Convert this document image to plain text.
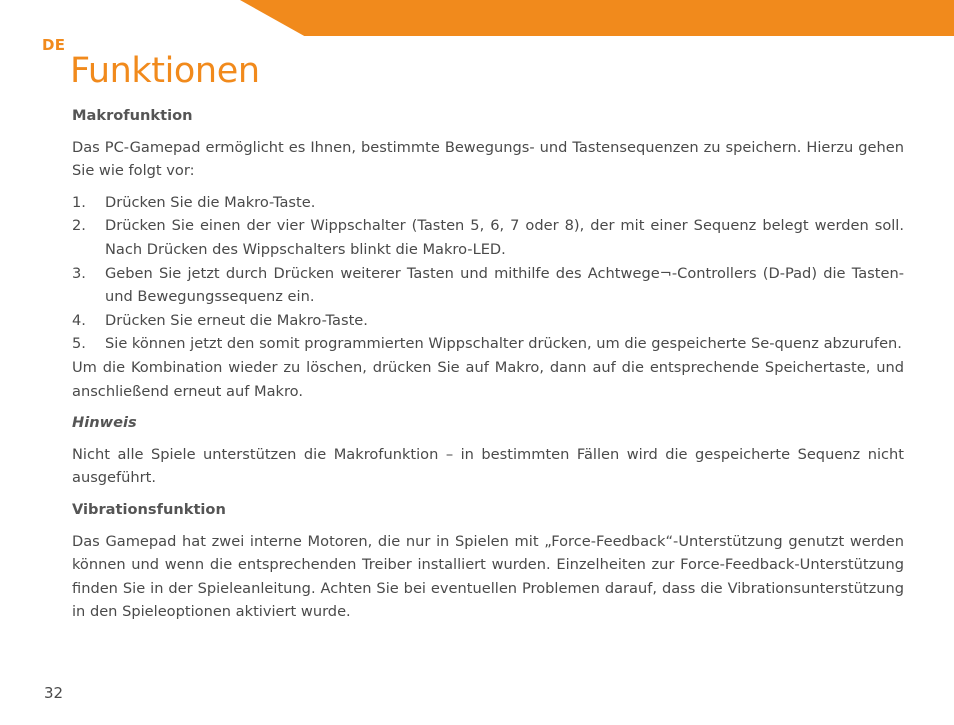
DE
Funktionen

Makrofunktion

Das PC-Gamepad ermöglicht es Ihnen, bestimmte Bewegungs- und Tastensequenzen zu speichern. Hierzu gehen Sie wie folgt vor:

1.	Drücken Sie die Makro-Taste.
2.	Drücken Sie einen der vier Wippschalter (Tasten 5, 6, 7 oder 8), der mit einer Sequenz belegt werden soll. Nach Drücken des Wippschalters blinkt die Makro-LED.
3.	Geben Sie jetzt durch Drücken weiterer Tasten und mithilfe des Achtwege¬-Controllers (D-Pad) die Tasten- und Bewegungssequenz ein.
4.	Drücken Sie erneut die Makro-Taste.
5.	Sie können jetzt den somit programmierten Wippschalter drücken, um die gespeicherte Se-quenz abzurufen.

Um die Kombination wieder zu löschen, drücken Sie auf Makro, dann auf die entsprechende Speichertaste, und anschließend erneut auf Makro.

Hinweis

Nicht alle Spiele unterstützen die Makrofunktion – in bestimmten Fällen wird die gespeicherte Sequenz nicht ausgeführt.

Vibrationsfunktion

Das Gamepad hat zwei interne Motoren, die nur in Spielen mit „Force-Feedback“-Unterstützung genutzt werden können und wenn die entsprechenden Treiber installiert wurden. Einzelheiten zur Force-Feedback-Unterstützung finden Sie in der Spieleanleitung. Achten Sie bei eventuellen Problemen darauf, dass die Vibrationsunterstützung in den Spieleoptionen aktiviert wurde.

32
